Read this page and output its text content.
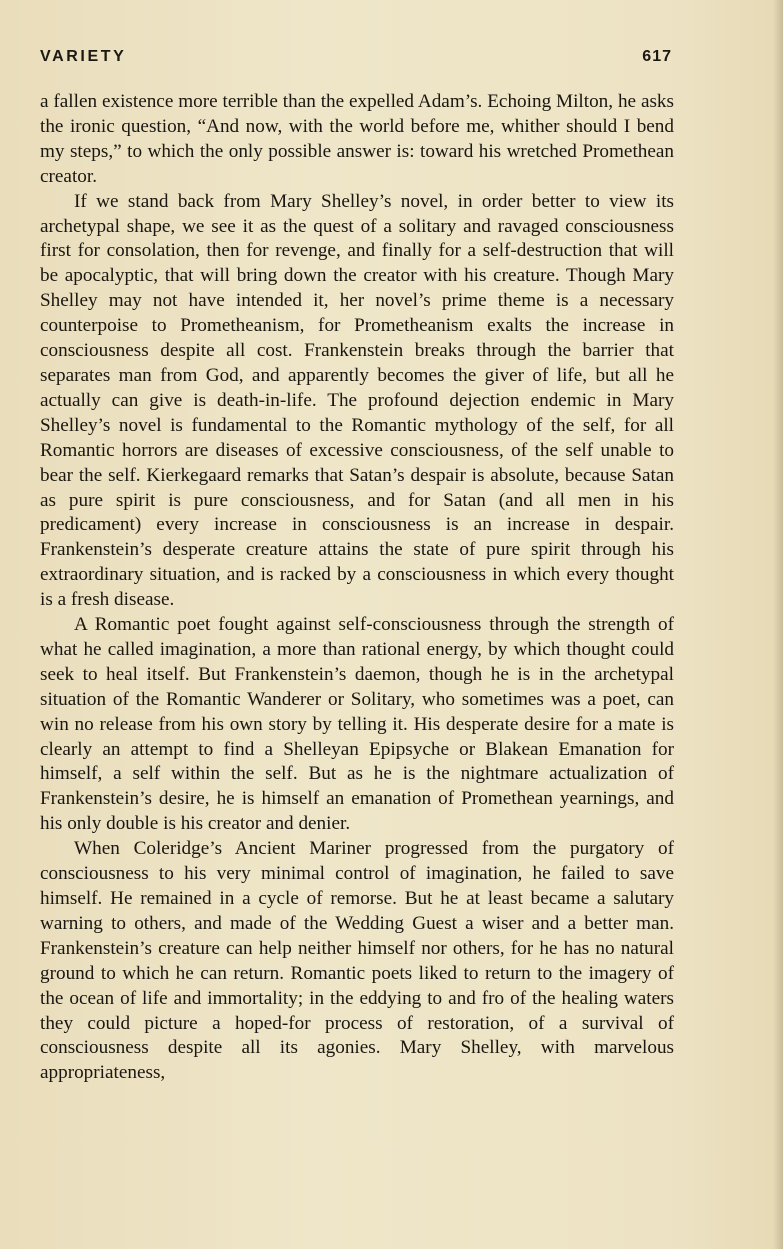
VARIETY	617

a fallen existence more terrible than the expelled Adam’s. Echoing Milton, he asks the ironic question, “And now, with the world before me, whither should I bend my steps,” to which the only possible answer is: toward his wretched Promethean creator.

If we stand back from Mary Shelley’s novel, in order better to view its archetypal shape, we see it as the quest of a solitary and ravaged consciousness first for consolation, then for revenge, and finally for a self-destruction that will be apocalyptic, that will bring down the creator with his creature. Though Mary Shelley may not have intended it, her novel’s prime theme is a necessary counterpoise to Prometheanism, for Prometheanism exalts the increase in consciousness despite all cost. Frankenstein breaks through the barrier that separates man from God, and apparently becomes the giver of life, but all he actually can give is death-in-life. The profound dejection endemic in Mary Shelley’s novel is fundamental to the Romantic mythology of the self, for all Romantic horrors are diseases of excessive consciousness, of the self unable to bear the self. Kierkegaard remarks that Satan’s despair is absolute, because Satan as pure spirit is pure consciousness, and for Satan (and all men in his predicament) every increase in consciousness is an increase in despair. Frankenstein’s desperate creature attains the state of pure spirit through his extraordinary situation, and is racked by a consciousness in which every thought is a fresh disease.

A Romantic poet fought against self-consciousness through the strength of what he called imagination, a more than rational energy, by which thought could seek to heal itself. But Frankenstein’s daemon, though he is in the archetypal situation of the Romantic Wanderer or Solitary, who sometimes was a poet, can win no release from his own story by telling it. His desperate desire for a mate is clearly an attempt to find a Shelleyan Epipsyche or Blakean Emanation for himself, a self within the self. But as he is the nightmare actualization of Frankenstein’s desire, he is himself an emanation of Promethean yearnings, and his only double is his creator and denier.

When Coleridge’s Ancient Mariner progressed from the purgatory of consciousness to his very minimal control of imagination, he failed to save himself. He remained in a cycle of remorse. But he at least became a salutary warning to others, and made of the Wedding Guest a wiser and a better man. Frankenstein’s creature can help neither himself nor others, for he has no natural ground to which he can return. Romantic poets liked to return to the imagery of the ocean of life and immortality; in the eddying to and fro of the healing waters they could picture a hoped-for process of restoration, of a survival of consciousness despite all its agonies. Mary Shelley, with marvelous appropriateness,
